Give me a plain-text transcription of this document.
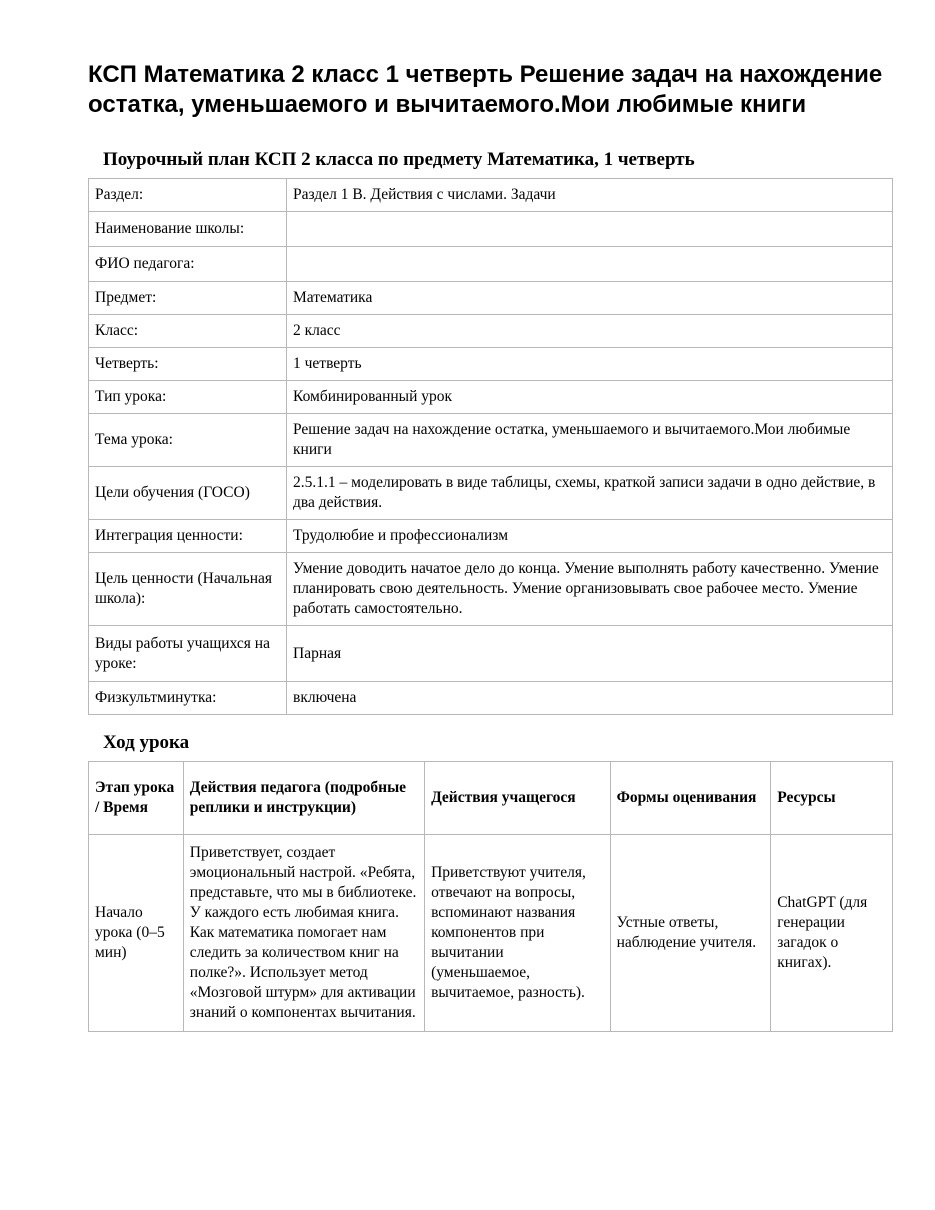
КСП Математика 2 класс 1 четверть Решение задач на нахождение остатка, уменьшаемого и вычитаемого.Мои любимые книги
Поурочный план КСП 2 класса по предмету Математика, 1 четверть
Раздел:	Раздел 1 В. Действия с числами. Задачи
Наименование школы:	
ФИО педагога:	
Предмет:	Математика
Класс:	2 класс
Четверть:	1 четверть
Тип урока:	Комбинированный урок
Тема урока:	Решение задач на нахождение остатка, уменьшаемого и вычитаемого.Мои любимые книги
Цели обучения (ГОСО)	2.5.1.1 – моделировать в виде таблицы, схемы, краткой записи задачи в одно действие, в два действия.
Интеграция ценности:	Трудолюбие и профессионализм
Цель ценности (Начальная школа):	Умение доводить начатое дело до конца. Умение выполнять работу качественно. Умение планировать свою деятельность. Умение организовывать свое рабочее место. Умение работать самостоятельно.
Виды работы учащихся на уроке:	Парная
Физкультминутка:	включена
Ход урока
Этап урока / Время	Действия педагога (подробные реплики и инструкции)	Действия учащегося	Формы оценивания	Ресурсы
Начало урока (0–5 мин)	Приветствует, создает эмоциональный настрой. «Ребята, представьте, что мы в библиотеке. У каждого есть любимая книга. Как математика помогает нам следить за количеством книг на полке?». Использует метод «Мозговой штурм» для активации знаний о компонентах вычитания.	Приветствуют учителя, отвечают на вопросы, вспоминают названия компонентов при вычитании (уменьшаемое, вычитаемое, разность).	Устные ответы, наблюдение учителя.	ChatGPT (для генерации загадок о книгах).
